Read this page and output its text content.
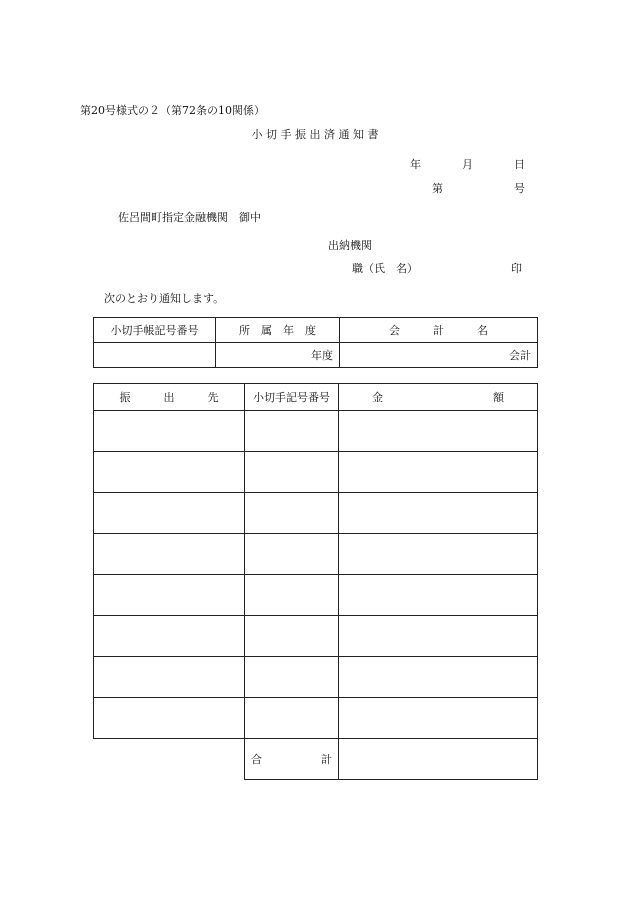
第20号様式の２（第72条の10関係）
小 切 手 振 出 済 通 知 書
年	月	日
第	号
佐呂間町指定金融機関　御中
出納機関
職（氏　名）	印
次のとおり通知します。
小切手帳記号番号	所　属　年　度	会　　　計　　　名
	年度	会計
振　　　出　　　先	小切手記号番号	金　　　　　　　　　　額

	合 計	
